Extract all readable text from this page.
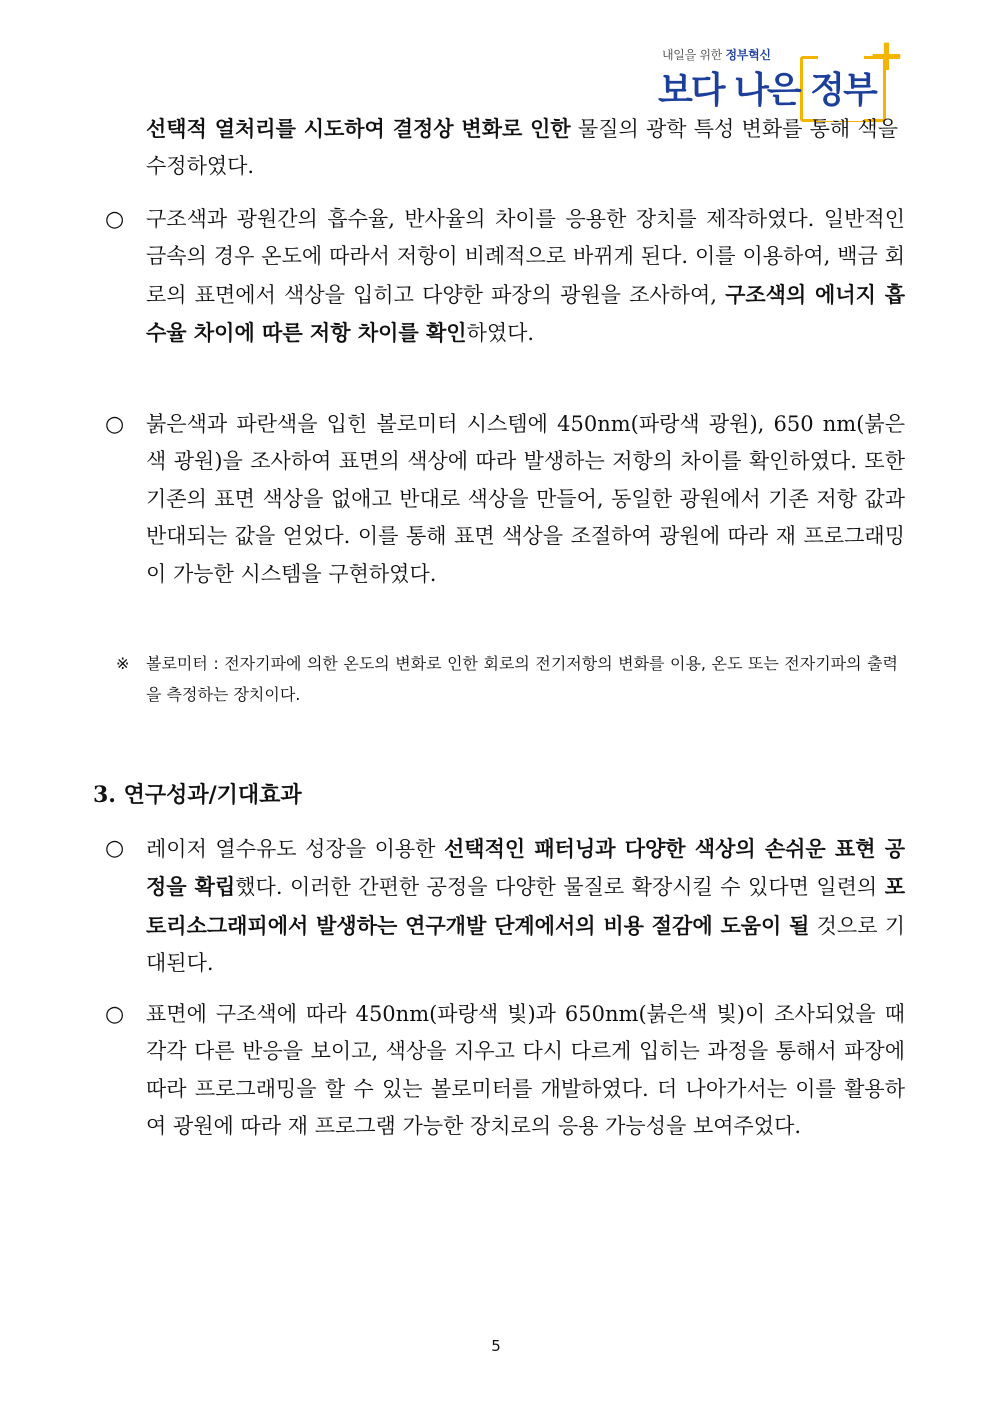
내일을 위한 정부혁신
보다 나은 정부
+
선택적 열처리를 시도하여 결정상 변화로 인한 물질의 광학 특성 변화를 통해 색을 수정하였다.
○ 구조색과 광원간의 흡수율, 반사율의 차이를 응용한 장치를 제작하였다. 일반적인 금속의 경우 온도에 따라서 저항이 비례적으로 바뀌게 된다. 이를 이용하여, 백금 회로의 표면에서 색상을 입히고 다양한 파장의 광원을 조사하여, 구조색의 에너지 흡수율 차이에 따른 저항 차이를 확인하였다.
○ 붉은색과 파란색을 입힌 볼로미터 시스템에 450nm(파랑색 광원), 650 nm(붉은색 광원)을 조사하여 표면의 색상에 따라 발생하는 저항의 차이를 확인하였다. 또한 기존의 표면 색상을 없애고 반대로 색상을 만들어, 동일한 광원에서 기존 저항 값과 반대되는 값을 얻었다. 이를 통해 표면 색상을 조절하여 광원에 따라 재 프로그래밍이 가능한 시스템을 구현하였다.
※ 볼로미터 : 전자기파에 의한 온도의 변화로 인한 회로의 전기저항의 변화를 이용, 온도 또는 전자기파의 출력을 측정하는 장치이다.
3. 연구성과/기대효과
○ 레이저 열수유도 성장을 이용한 선택적인 패터닝과 다양한 색상의 손쉬운 표현 공정을 확립했다. 이러한 간편한 공정을 다양한 물질로 확장시킬 수 있다면 일련의 포토리소그래피에서 발생하는 연구개발 단계에서의 비용 절감에 도움이 될 것으로 기대된다.
○ 표면에 구조색에 따라 450nm(파랑색 빛)과 650nm(붉은색 빛)이 조사되었을 때 각각 다른 반응을 보이고, 색상을 지우고 다시 다르게 입히는 과정을 통해서 파장에 따라 프로그래밍을 할 수 있는 볼로미터를 개발하였다. 더 나아가서는 이를 활용하여 광원에 따라 재 프로그램 가능한 장치로의 응용 가능성을 보여주었다.
5
